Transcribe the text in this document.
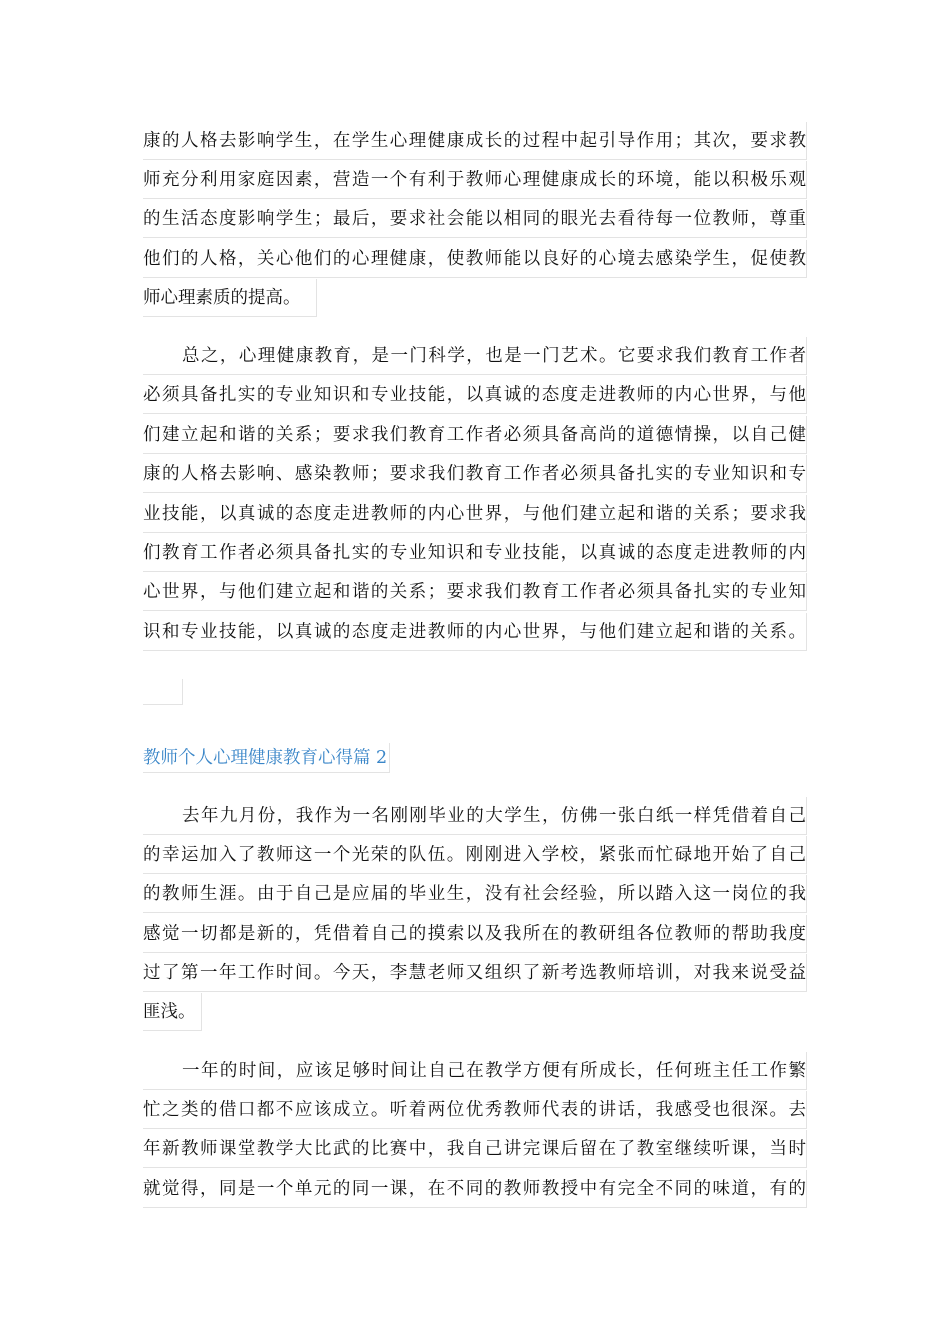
康的人格去影响学生，在学生心理健康成长的过程中起引导作用；其次，要求教
师充分利用家庭因素，营造一个有利于教师心理健康成长的环境，能以积极乐观
的生活态度影响学生；最后，要求社会能以相同的眼光去看待每一位教师，尊重
他们的人格，关心他们的心理健康，使教师能以良好的心境去感染学生，促使教
师心理素质的提高。
总之，心理健康教育，是一门科学，也是一门艺术。它要求我们教育工作者
必须具备扎实的专业知识和专业技能，以真诚的态度走进教师的内心世界，与他
们建立起和谐的关系；要求我们教育工作者必须具备高尚的道德情操，以自己健
康的人格去影响、感染教师；要求我们教育工作者必须具备扎实的专业知识和专
业技能，以真诚的态度走进教师的内心世界，与他们建立起和谐的关系；要求我
们教育工作者必须具备扎实的专业知识和专业技能，以真诚的态度走进教师的内
心世界，与他们建立起和谐的关系；要求我们教育工作者必须具备扎实的专业知
识和专业技能，以真诚的态度走进教师的内心世界，与他们建立起和谐的关系。
教师个人心理健康教育心得篇 2
去年九月份，我作为一名刚刚毕业的大学生，仿佛一张白纸一样凭借着自己
的幸运加入了教师这一个光荣的队伍。刚刚进入学校，紧张而忙碌地开始了自己
的教师生涯。由于自己是应届的毕业生，没有社会经验，所以踏入这一岗位的我
感觉一切都是新的，凭借着自己的摸索以及我所在的教研组各位教师的帮助我度
过了第一年工作时间。今天，李慧老师又组织了新考选教师培训，对我来说受益
匪浅。
一年的时间，应该足够时间让自己在教学方便有所成长，任何班主任工作繁
忙之类的借口都不应该成立。听着两位优秀教师代表的讲话，我感受也很深。去
年新教师课堂教学大比武的比赛中，我自己讲完课后留在了教室继续听课，当时
就觉得，同是一个单元的同一课，在不同的教师教授中有完全不同的味道，有的
